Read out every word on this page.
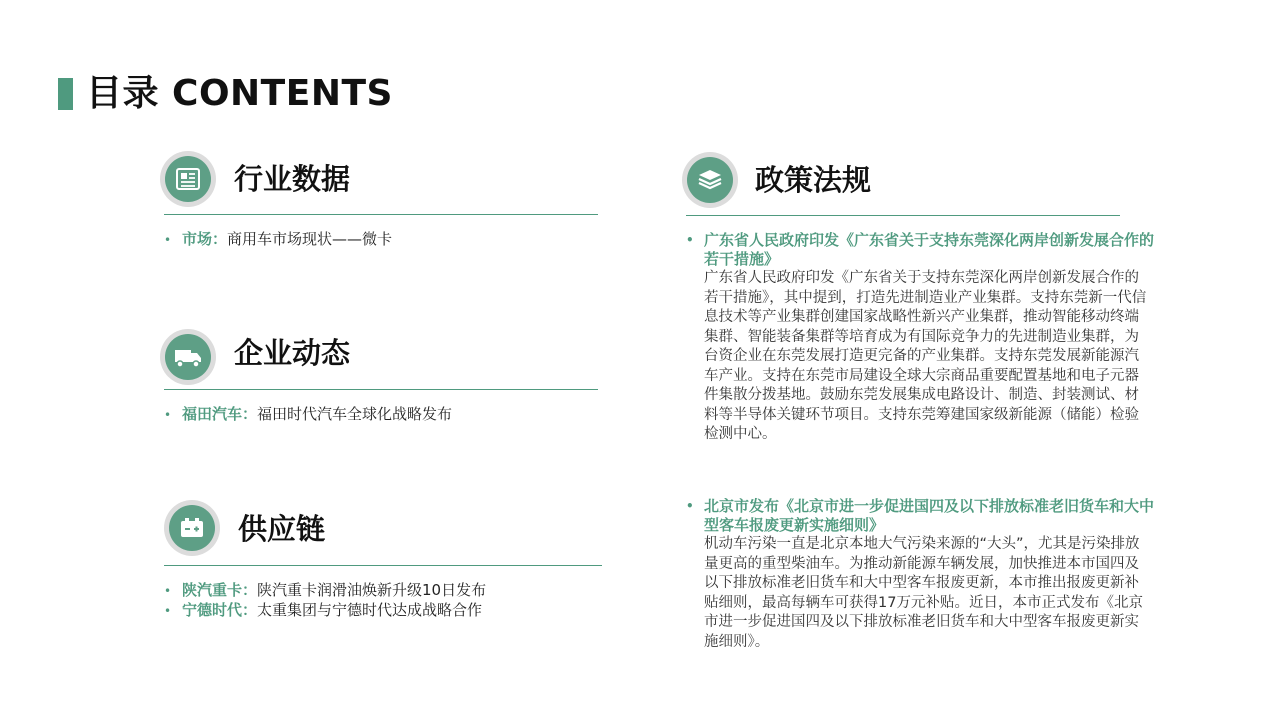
目录 CONTENTS
行业数据
• 市场：商用车市场现状——微卡
企业动态
• 福田汽车：福田时代汽车全球化战略发布
供应链
• 陕汽重卡：陕汽重卡润滑油焕新升级10日发布
• 宁德时代：太重集团与宁德时代达成战略合作
政策法规
• 广东省人民政府印发《广东省关于支持东莞深化两岸创新发展合作的若干措施》
广东省人民政府印发《广东省关于支持东莞深化两岸创新发展合作的若干措施》，其中提到，打造先进制造业产业集群。支持东莞新一代信息技术等产业集群创建国家战略性新兴产业集群，推动智能移动终端集群、智能装备集群等培育成为有国际竞争力的先进制造业集群，为台资企业在东莞发展打造更完备的产业集群。支持东莞发展新能源汽车产业。支持在东莞市局建设全球大宗商品重要配置基地和电子元器件集散分拨基地。鼓励东莞发展集成电路设计、制造、封装测试、材料等半导体关键环节项目。支持东莞筹建国家级新能源（储能）检验检测中心。
• 北京市发布《北京市进一步促进国四及以下排放标准老旧货车和大中型客车报废更新实施细则》
机动车污染一直是北京本地大气污染来源的“大头”，尤其是污染排放量更高的重型柴油车。为推动新能源车辆发展，加快推进本市国四及以下排放标准老旧货车和大中型客车报废更新，本市推出报废更新补贴细则，最高每辆车可获得17万元补贴。近日，本市正式发布《北京市进一步促进国四及以下排放标准老旧货车和大中型客车报废更新实施细则》。
